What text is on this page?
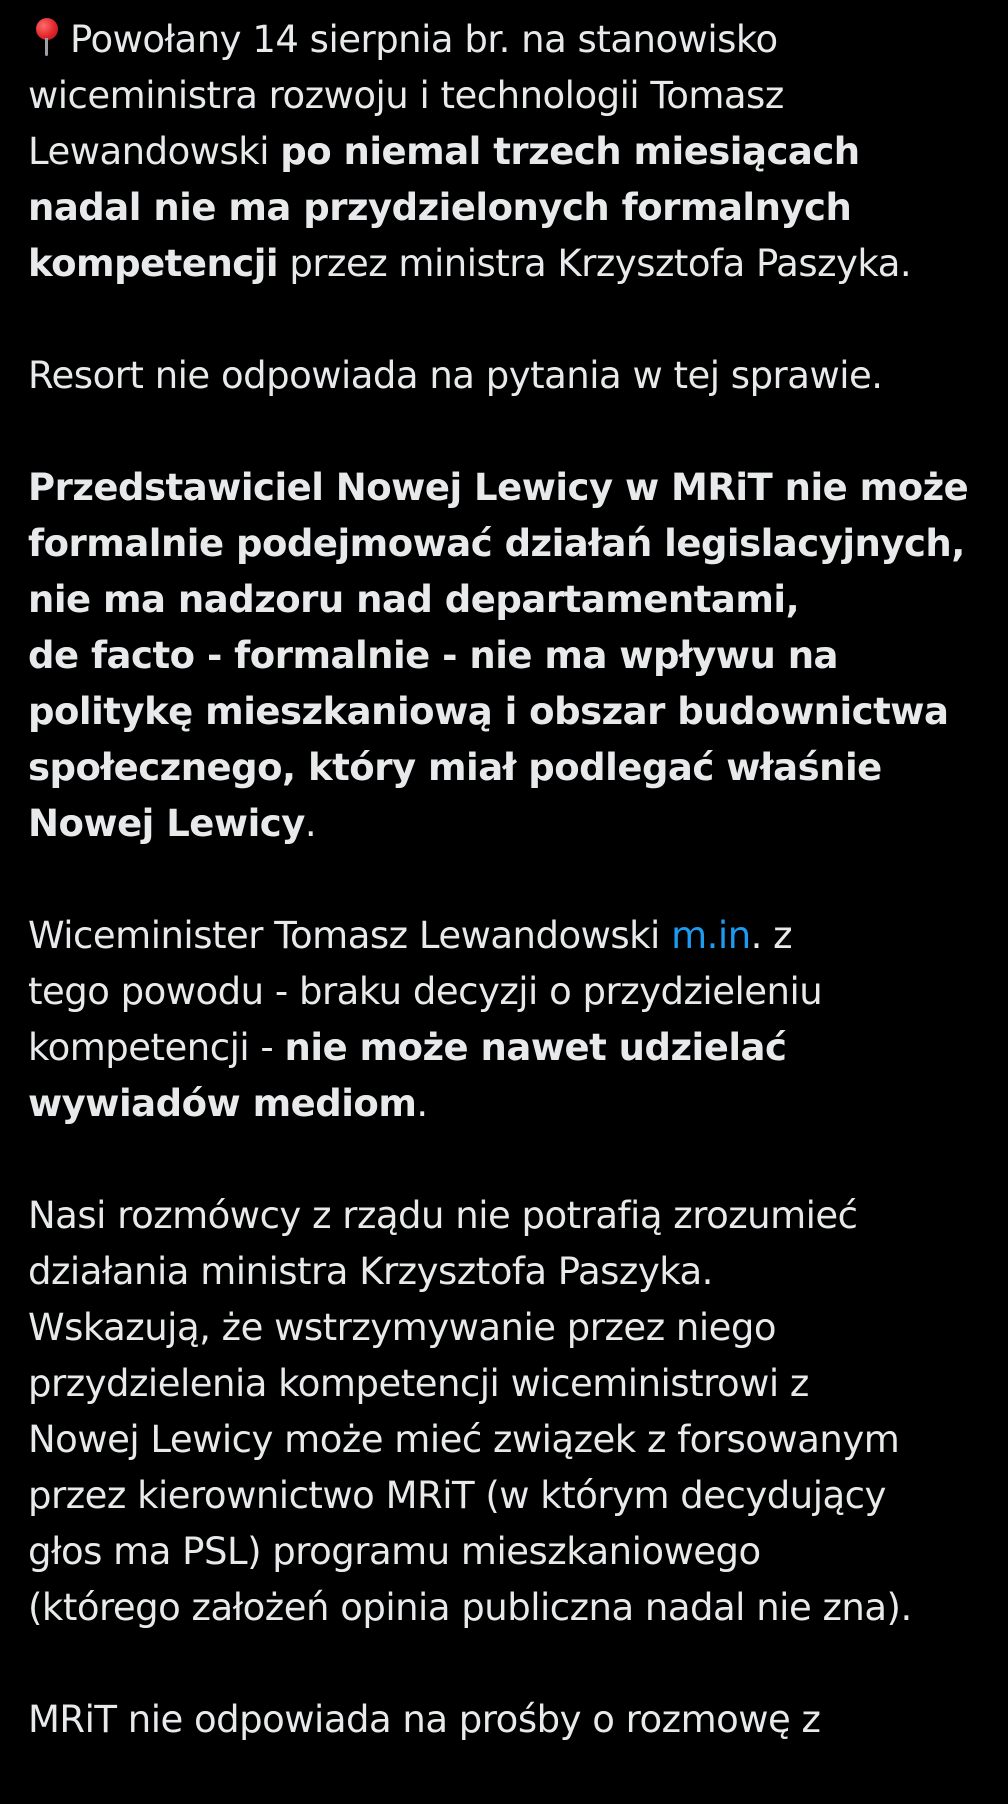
Powołany 14 sierpnia br. na stanowisko
wiceministra rozwoju i technologii Tomasz
Lewandowski po niemal trzech miesiącach
nadal nie ma przydzielonych formalnych
kompetencji przez ministra Krzysztofa Paszyka.
Resort nie odpowiada na pytania w tej sprawie.
Przedstawiciel Nowej Lewicy w MRiT nie może
formalnie podejmować działań legislacyjnych,
nie ma nadzoru nad departamentami,
de facto - formalnie - nie ma wpływu na
politykę mieszkaniową i obszar budownictwa
społecznego, który miał podlegać właśnie
Nowej Lewicy.
Wiceminister Tomasz Lewandowski m.in. z
tego powodu - braku decyzji o przydzieleniu
kompetencji - nie może nawet udzielać
wywiadów mediom.
Nasi rozmówcy z rządu nie potrafią zrozumieć
działania ministra Krzysztofa Paszyka.
Wskazują, że wstrzymywanie przez niego
przydzielenia kompetencji wiceministrowi z
Nowej Lewicy może mieć związek z forsowanym
przez kierownictwo MRiT (w którym decydujący
głos ma PSL) programu mieszkaniowego
(którego założeń opinia publiczna nadal nie zna).
MRiT nie odpowiada na prośby o rozmowę z
